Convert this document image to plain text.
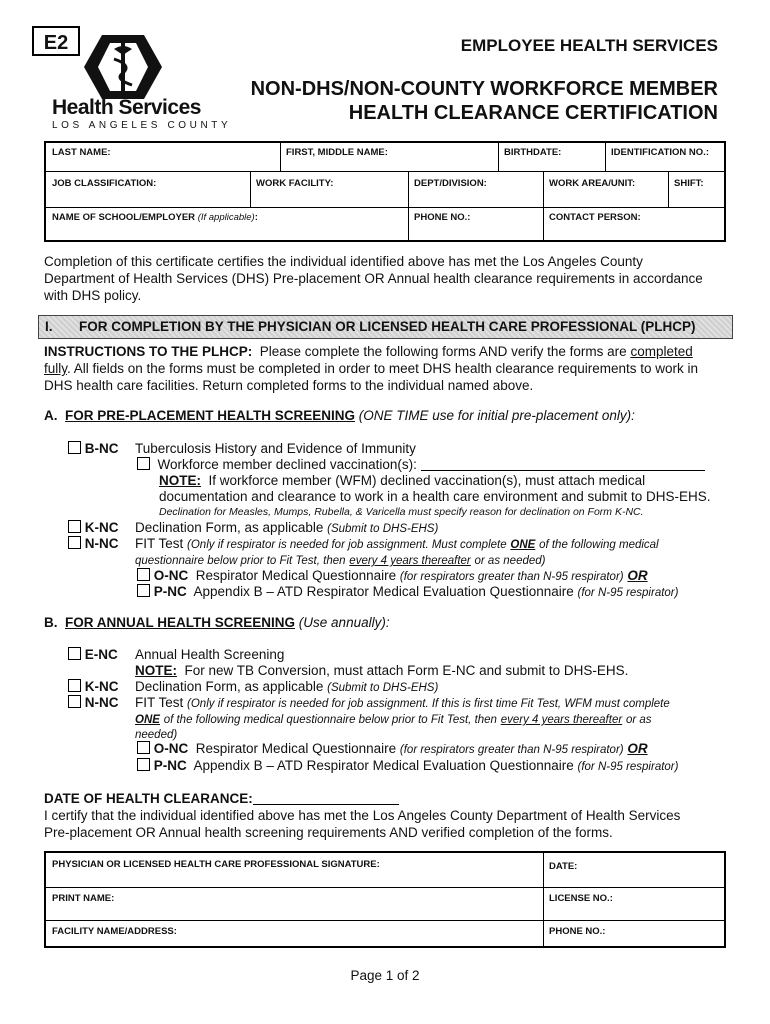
E2
Health Services
LOS ANGELES COUNTY
EMPLOYEE HEALTH SERVICES
NON-DHS/NON-COUNTY WORKFORCE MEMBER
HEALTH CLEARANCE CERTIFICATION
LAST NAME:	FIRST, MIDDLE NAME:	BIRTHDATE:	IDENTIFICATION NO.:
JOB CLASSIFICATION:	WORK FACILITY:	DEPT/DIVISION:	WORK AREA/UNIT:	SHIFT:
NAME OF SCHOOL/EMPLOYER (If applicable):	PHONE NO.:	CONTACT PERSON:
Completion of this certificate certifies the individual identified above has met the Los Angeles County
Department of Health Services (DHS) Pre-placement OR Annual health clearance requirements in accordance
with DHS policy.
I. FOR COMPLETION BY THE PHYSICIAN OR LICENSED HEALTH CARE PROFESSIONAL (PLHCP)
INSTRUCTIONS TO THE PLHCP: Please complete the following forms AND verify the forms are completed
fully. All fields on the forms must be completed in order to meet DHS health clearance requirements to work in
DHS health care facilities. Return completed forms to the individual named above.
A. FOR PRE-PLACEMENT HEALTH SCREENING (ONE TIME use for initial pre-placement only):
B-NC Tuberculosis History and Evidence of Immunity
Workforce member declined vaccination(s):
NOTE: If workforce member (WFM) declined vaccination(s), must attach medical
documentation and clearance to work in a health care environment and submit to DHS-EHS.
Declination for Measles, Mumps, Rubella, & Varicella must specify reason for declination on Form K-NC.
K-NC Declination Form, as applicable (Submit to DHS-EHS)
N-NC FIT Test (Only if respirator is needed for job assignment. Must complete ONE of the following medical
questionnaire below prior to Fit Test, then every 4 years thereafter or as needed)
O-NC Respirator Medical Questionnaire (for respirators greater than N-95 respirator) OR
P-NC Appendix B – ATD Respirator Medical Evaluation Questionnaire (for N-95 respirator)
B. FOR ANNUAL HEALTH SCREENING (Use annually):
E-NC Annual Health Screening
NOTE: For new TB Conversion, must attach Form E-NC and submit to DHS-EHS.
K-NC Declination Form, as applicable (Submit to DHS-EHS)
N-NC FIT Test (Only if respirator is needed for job assignment. If this is first time Fit Test, WFM must complete
ONE of the following medical questionnaire below prior to Fit Test, then every 4 years thereafter or as
needed)
O-NC Respirator Medical Questionnaire (for respirators greater than N-95 respirator) OR
P-NC Appendix B – ATD Respirator Medical Evaluation Questionnaire (for N-95 respirator)
DATE OF HEALTH CLEARANCE:
I certify that the individual identified above has met the Los Angeles County Department of Health Services
Pre-placement OR Annual health screening requirements AND verified completion of the forms.
PHYSICIAN OR LICENSED HEALTH CARE PROFESSIONAL SIGNATURE:	DATE:
PRINT NAME:	LICENSE NO.:
FACILITY NAME/ADDRESS:	PHONE NO.:
Page 1 of 2
